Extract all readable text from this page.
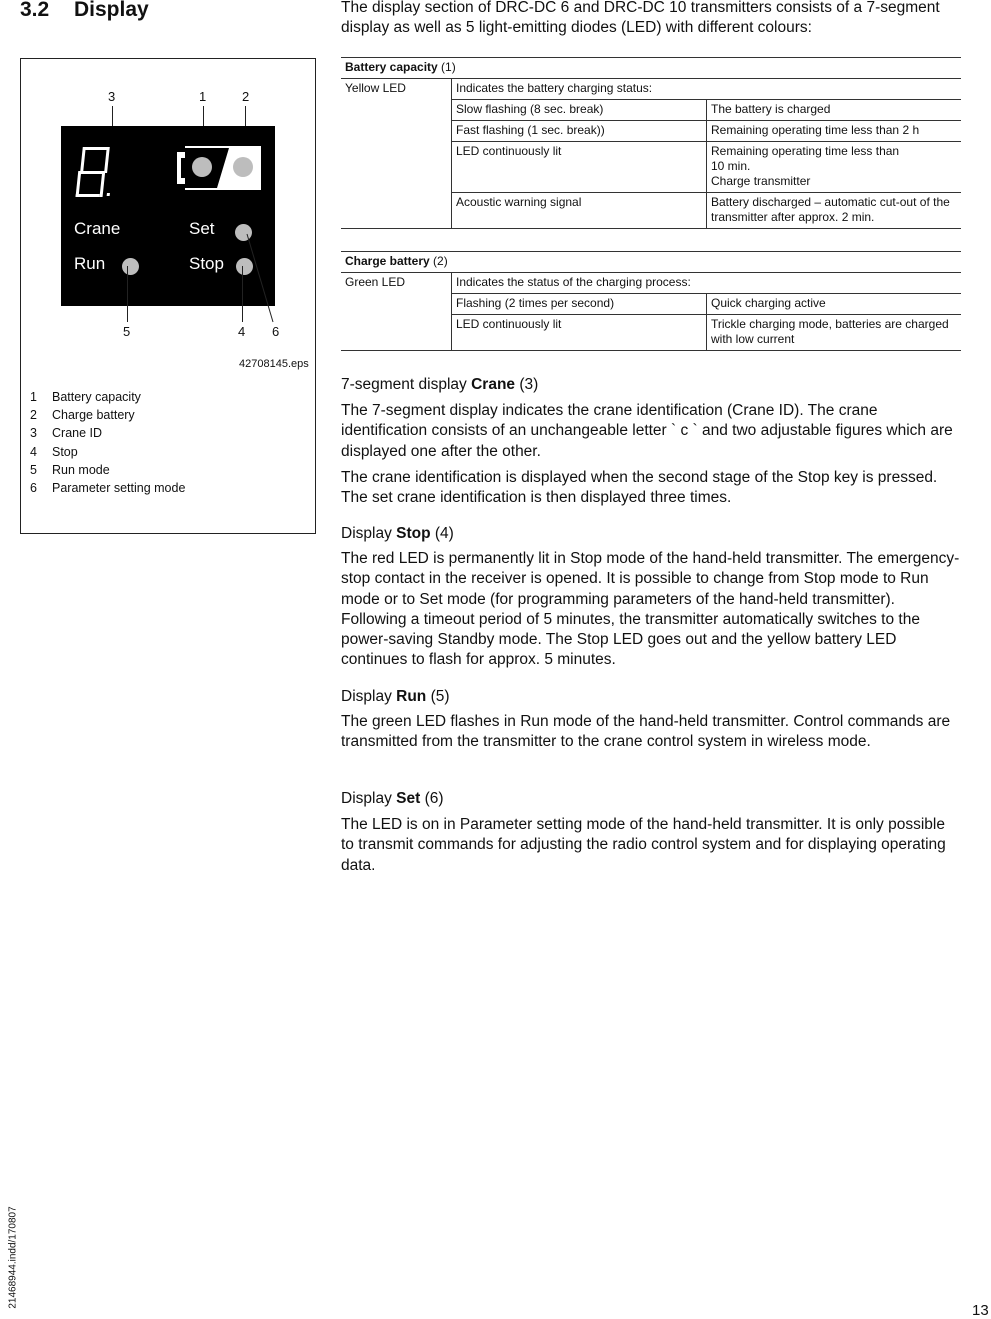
3.2 Display
3	1	2
Crane	Set
Run	Stop
5	4 6
42708145.eps
1 Battery capacity
2 Charge battery
3 Crane ID
4 Stop
5 Run mode
6 Parameter setting mode
The display section of DRC-DC 6 and DRC-DC 10 transmitters consists of a 7-segment display as well as 5 light-emitting diodes (LED) with different colours:
Battery capacity (1)		
Yellow LED	Indicates the battery charging status:	
	Slow flashing (8 sec. break)	The battery is charged
	Fast flashing (1 sec. break))	Remaining operating time less than 2 h
	LED continuously lit	Remaining operating time less than
10 min.
Charge transmitter
	Acoustic warning signal	Battery discharged – automatic cut-out of the transmitter after approx. 2 min.
Charge battery (2)		
Green LED	Indicates the status of the charging process:	
	Flashing (2 times per second)	Quick charging active
	LED continuously lit	Trickle charging mode, batteries are charged with low current
7-segment display Crane (3)

The 7-segment display indicates the crane identification (Crane ID). The crane identification consists of an unchangeable letter ` c ` and two adjustable figures which are displayed one after the other.

The crane identification is displayed when the second stage of the Stop key is pressed. The set crane identification is then displayed three times.

Display Stop (4)

The red LED is permanently lit in Stop mode of the hand-held transmitter. The emergency-stop contact in the receiver is opened. It is possible to change from Stop mode to Run mode or to Set mode (for programming parameters of the hand-held transmitter). Following a timeout period of 5 minutes, the transmitter automatically switches to the power-saving Standby mode. The Stop LED goes out and the yellow battery LED continues to flash for approx. 5 minutes.

Display Run (5)

The green LED flashes in Run mode of the hand-held transmitter. Control commands are transmitted from the transmitter to the crane control system in wireless mode.

Display Set (6)

The LED is on in Parameter setting mode of the hand-held transmitter. It is only possible to transmit commands for adjusting the radio control system and for displaying operating data.

21468944.indd/170807
13
